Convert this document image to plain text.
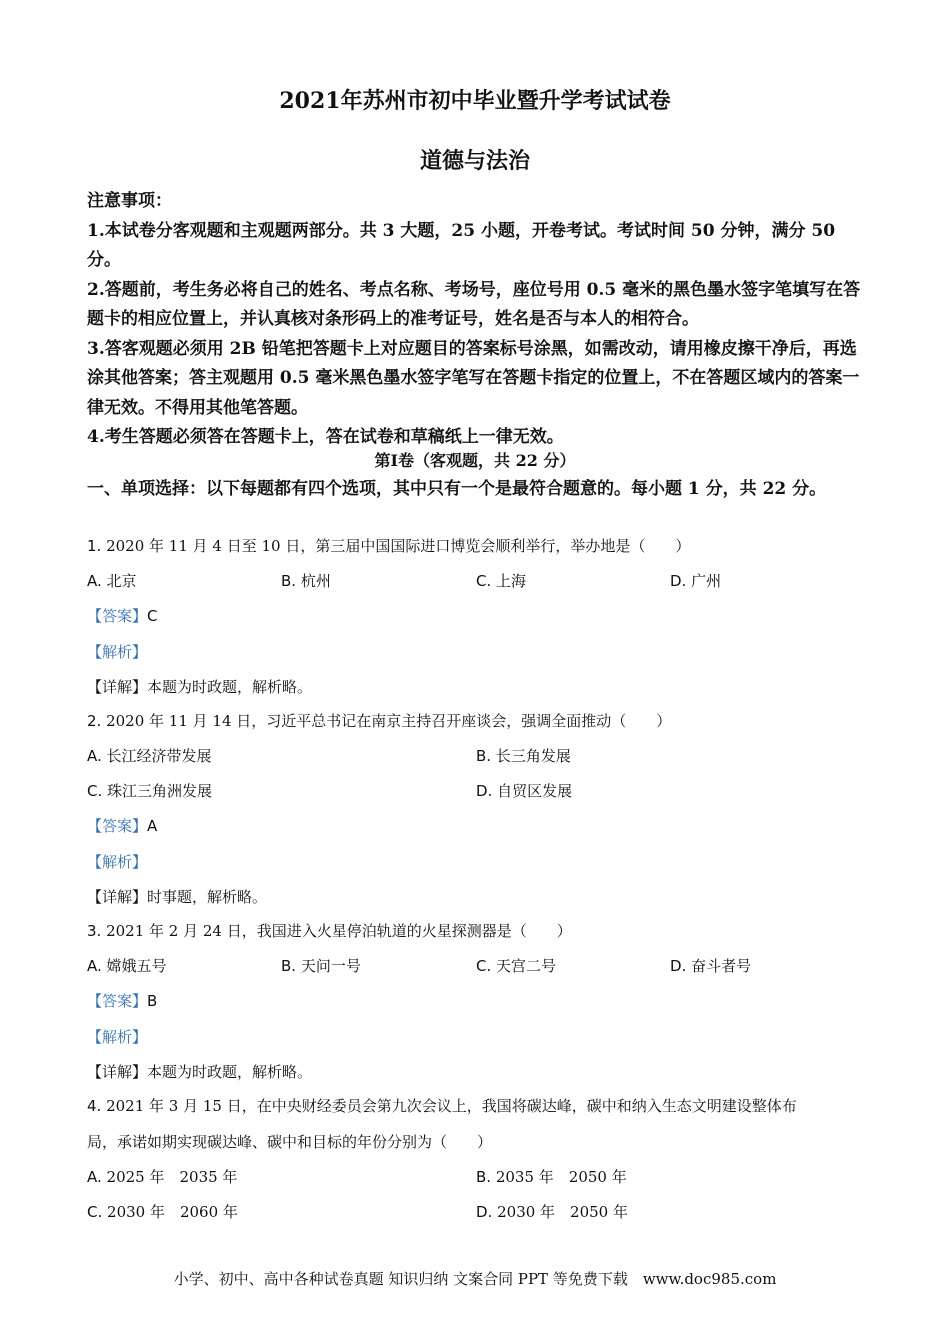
2021年苏州市初中毕业暨升学考试试卷
道德与法治

注意事项：

1.本试卷分客观题和主观题两部分。共 3 大题，25 小题，开卷考试。考试时间 50 分钟，满分 50 分。

2.答题前，考生务必将自己的姓名、考点名称、考场号，座位号用 0.5 毫米的黑色墨水签字笔填写在答题卡的相应位置上，并认真核对条形码上的准考证号，姓名是否与本人的相符合。

3.答客观题必须用 2B 铅笔把答题卡上对应题目的答案标号涂黑，如需改动，请用橡皮擦干净后，再选涂其他答案；答主观题用 0.5 毫米黑色墨水签字笔写在答题卡指定的位置上，不在答题区域内的答案一律无效。不得用其他笔答题。

4.考生答题必须答在答题卡上，答在试卷和草稿纸上一律无效。

第Ⅰ卷（客观题，共 22 分）

一、单项选择：以下每题都有四个选项，其中只有一个是最符合题意的。每小题 1 分，共 22 分。

1. 2020 年 11 月 4 日至 10 日，第三届中国国际进口博览会顺利举行，举办地是（　　）
A. 北京	B. 杭州	C. 上海	D. 广州
【答案】C
【解析】
【详解】本题为时政题，解析略。
2. 2020 年 11 月 14 日，习近平总书记在南京主持召开座谈会，强调全面推动（　　）
A. 长江经济带发展	B. 长三角发展
C. 珠江三角洲发展	D. 自贸区发展
【答案】A
【解析】
【详解】时事题，解析略。
3. 2021 年 2 月 24 日，我国进入火星停泊轨道的火星探测器是（　　）
A. 嫦娥五号	B. 天问一号	C. 天宫二号	D. 奋斗者号
【答案】B
【解析】
【详解】本题为时政题，解析略。
4. 2021 年 3 月 15 日，在中央财经委员会第九次会议上，我国将碳达峰，碳中和纳入生态文明建设整体布
局，承诺如期实现碳达峰、碳中和目标的年份分别为（　　）
A. 2025 年　2035 年	B. 2035 年　2050 年
C. 2030 年　2060 年	D. 2030 年　2050 年
小学、初中、高中各种试卷真题 知识归纳 文案合同 PPT 等免费下载　www.doc985.com
